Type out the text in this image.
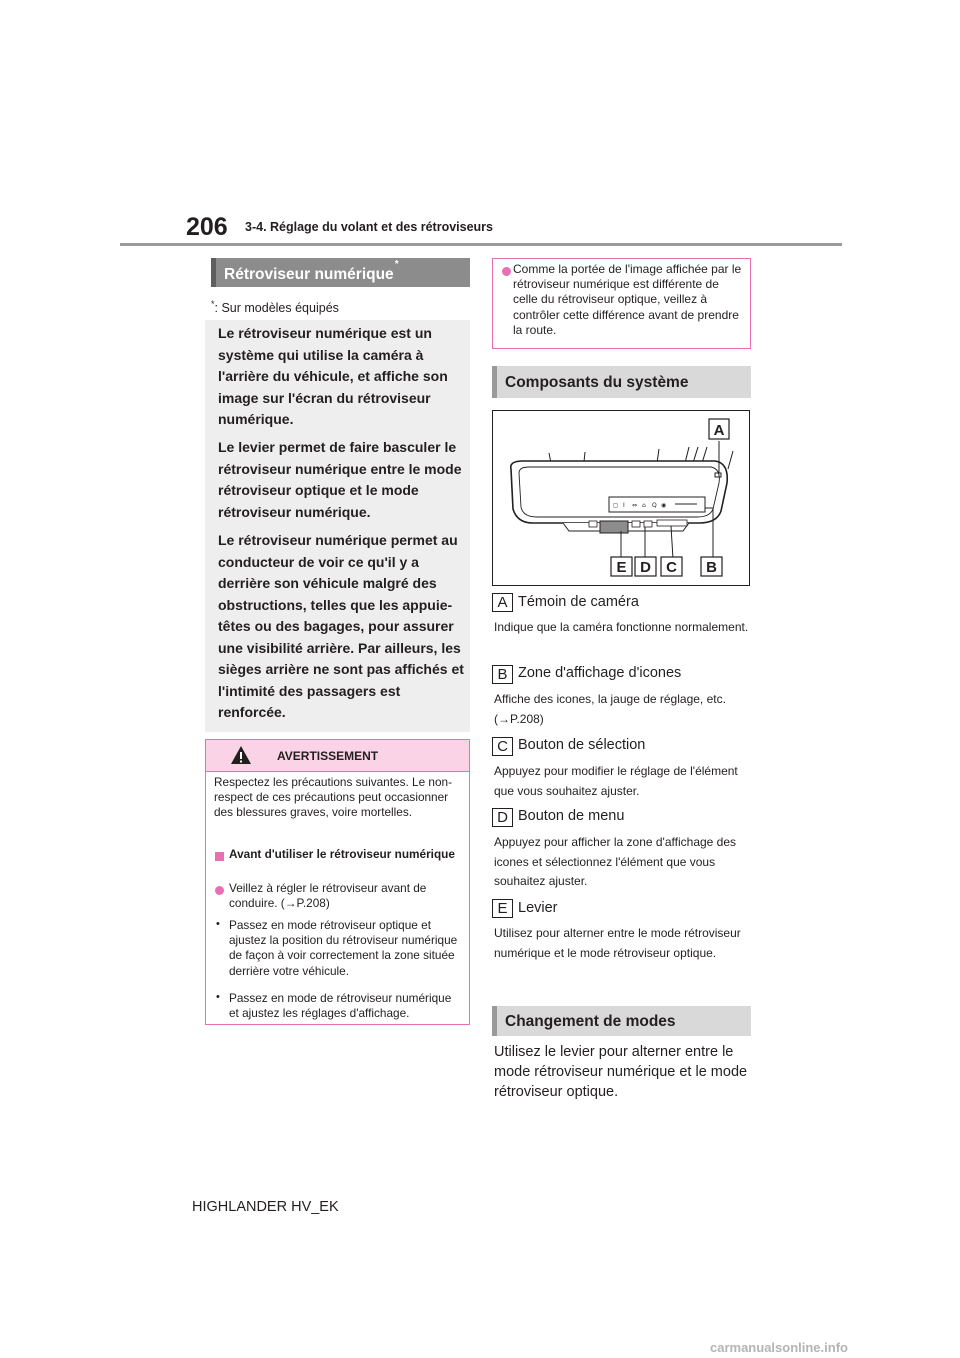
206 3-4. Réglage du volant et des rétroviseurs
Rétroviseur numérique*
*: Sur modèles équipés

Le rétroviseur numérique est un système qui utilise la caméra à l'arrière du véhicule, et affiche son image sur l'écran du rétroviseur numérique.

Le levier permet de faire basculer le rétroviseur numérique entre le mode rétroviseur optique et le mode rétroviseur numérique.

Le rétroviseur numérique permet au conducteur de voir ce qu'il y a derrière son véhicule malgré des obstructions, telles que les appuie-têtes ou des bagages, pour assurer une visibilité arrière. Par ailleurs, les sièges arrière ne sont pas affichés et l'intimité des passagers est renforcée.

AVERTISSEMENT

Respectez les précautions suivantes. Le non-respect de ces précautions peut occasionner des blessures graves, voire mortelles.

Avant d'utiliser le rétroviseur numérique

Veillez à régler le rétroviseur avant de conduire. (→P.208)

• Passez en mode rétroviseur optique et ajustez la position du rétroviseur numérique de façon à voir correctement la zone située derrière votre véhicule.

• Passez en mode de rétroviseur numérique et ajustez les réglages d'affichage.

Comme la portée de l'image affichée par le rétroviseur numérique est différente de celle du rétroviseur optique, veillez à contrôler cette différence avant de prendre la route.

Composants du système
◻ I ⇔ ⌂ Q ◉
A
E D C B
A Témoin de caméra

Indique que la caméra fonctionne normalement.

B Zone d'affichage d'icones

Affiche des icones, la jauge de réglage, etc. (→P.208)

C Bouton de sélection

Appuyez pour modifier le réglage de l'élément que vous souhaitez ajuster.

D Bouton de menu

Appuyez pour afficher la zone d'affichage des icones et sélectionnez l'élément que vous souhaitez ajuster.

E Levier

Utilisez pour alterner entre le mode rétroviseur numérique et le mode rétroviseur optique.

Changement de modes

Utilisez le levier pour alterner entre le mode rétroviseur numérique et le mode rétroviseur optique.

HIGHLANDER HV_EK
carmanualsonline.info
